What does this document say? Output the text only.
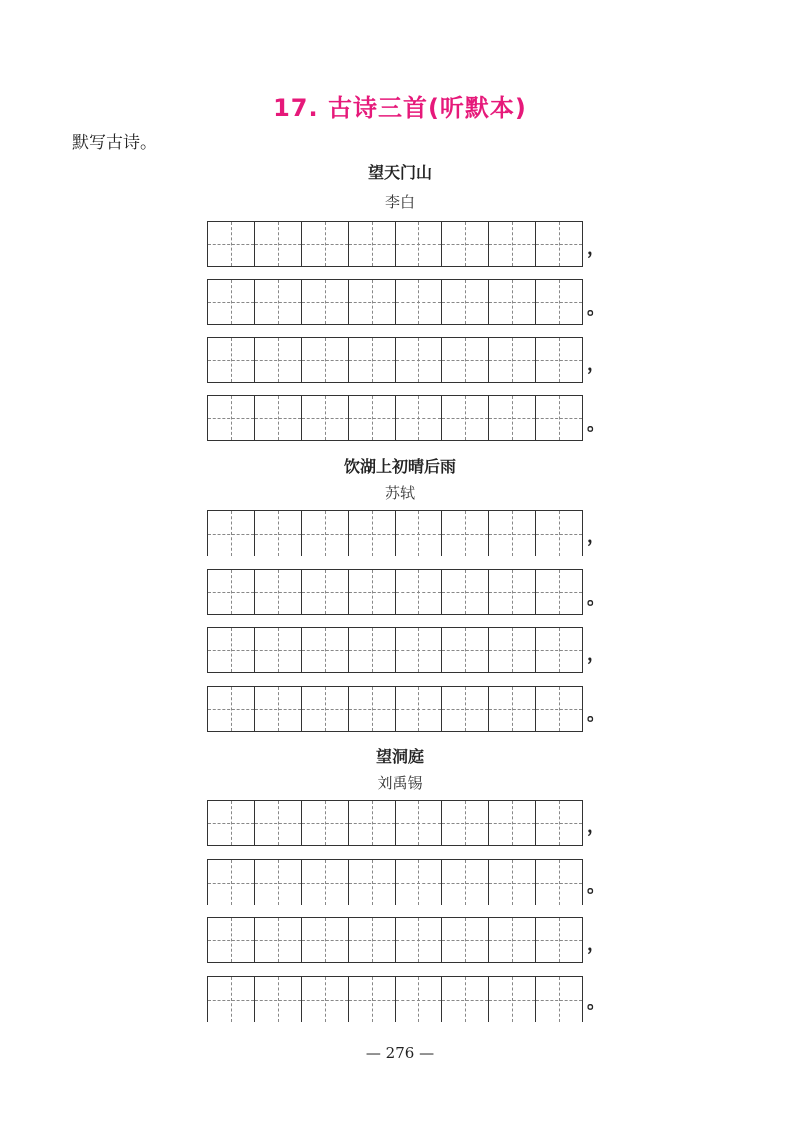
17. 古诗三首(听默本)
默写古诗。
望天门山
李白
，
。
，
。
饮湖上初晴后雨
苏轼
，
。
，
。
望洞庭
刘禹锡
，
。
，
。
— 276 —
